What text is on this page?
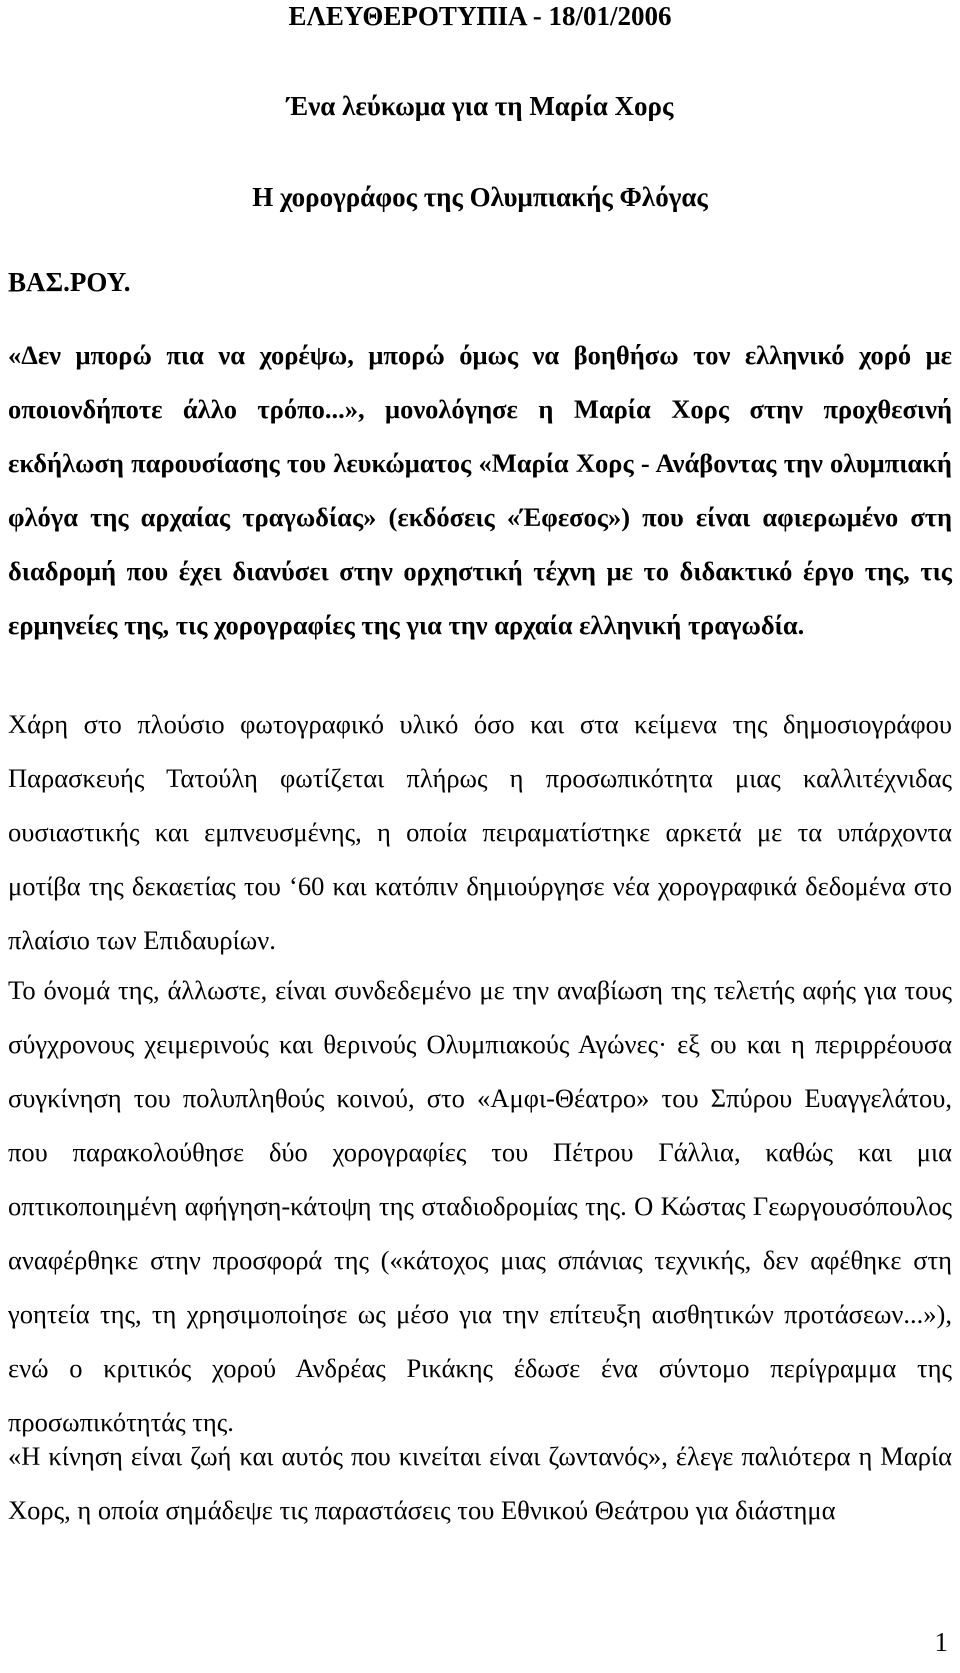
ΕΛΕΥΘΕΡΟΤΥΠΙΑ - 18/01/2006
Ένα λεύκωμα για τη Μαρία Χορς
Η χορογράφος της Ολυμπιακής Φλόγας
ΒΑΣ.ΡΟΥ.

«Δεν μπορώ πια να χορέψω, μπορώ όμως να βοηθήσω τον ελληνικό χορό με οποιονδήποτε άλλο τρόπο...», μονολόγησε η Μαρία Χορς στην προχθεσινή εκδήλωση παρουσίασης του λευκώματος «Μαρία Χορς - Ανάβοντας την ολυμπιακή φλόγα της αρχαίας τραγωδίας» (εκδόσεις «Έφεσος») που είναι αφιερωμένο στη διαδρομή που έχει διανύσει στην ορχηστική τέχνη με το διδακτικό έργο της, τις ερμηνείες της, τις χορογραφίες της για την αρχαία ελληνική τραγωδία.

Χάρη στο πλούσιο φωτογραφικό υλικό όσο και στα κείμενα της δημοσιογράφου Παρασκευής Τατούλη φωτίζεται πλήρως η προσωπικότητα μιας καλλιτέχνιδας ουσιαστικής και εμπνευσμένης, η οποία πειραματίστηκε αρκετά με τα υπάρχοντα μοτίβα της δεκαετίας του ‘60 και κατόπιν δημιούργησε νέα χορογραφικά δεδομένα στο πλαίσιο των Επιδαυρίων.

Το όνομά της, άλλωστε, είναι συνδεδεμένο με την αναβίωση της τελετής αφής για τους σύγχρονους χειμερινούς και θερινούς Ολυμπιακούς Αγώνες· εξ ου και η περιρρέουσα συγκίνηση του πολυπληθούς κοινού, στο «Αμφι-Θέατρο» του Σπύρου Ευαγγελάτου, που παρακολούθησε δύο χορογραφίες του Πέτρου Γάλλια, καθώς και μια οπτικοποιημένη αφήγηση-κάτοψη της σταδιοδρομίας της. Ο Κώστας Γεωργουσόπουλος αναφέρθηκε στην προσφορά της («κάτοχος μιας σπάνιας τεχνικής, δεν αφέθηκε στη γοητεία της, τη χρησιμοποίησε ως μέσο για την επίτευξη αισθητικών προτάσεων...»), ενώ ο κριτικός χορού Ανδρέας Ρικάκης έδωσε ένα σύντομο περίγραμμα της προσωπικότητάς της.

«Η κίνηση είναι ζωή και αυτός που κινείται είναι ζωντανός», έλεγε παλιότερα η Μαρία Χορς, η οποία σημάδεψε τις παραστάσεις του Εθνικού Θεάτρου για διάστημα

1
